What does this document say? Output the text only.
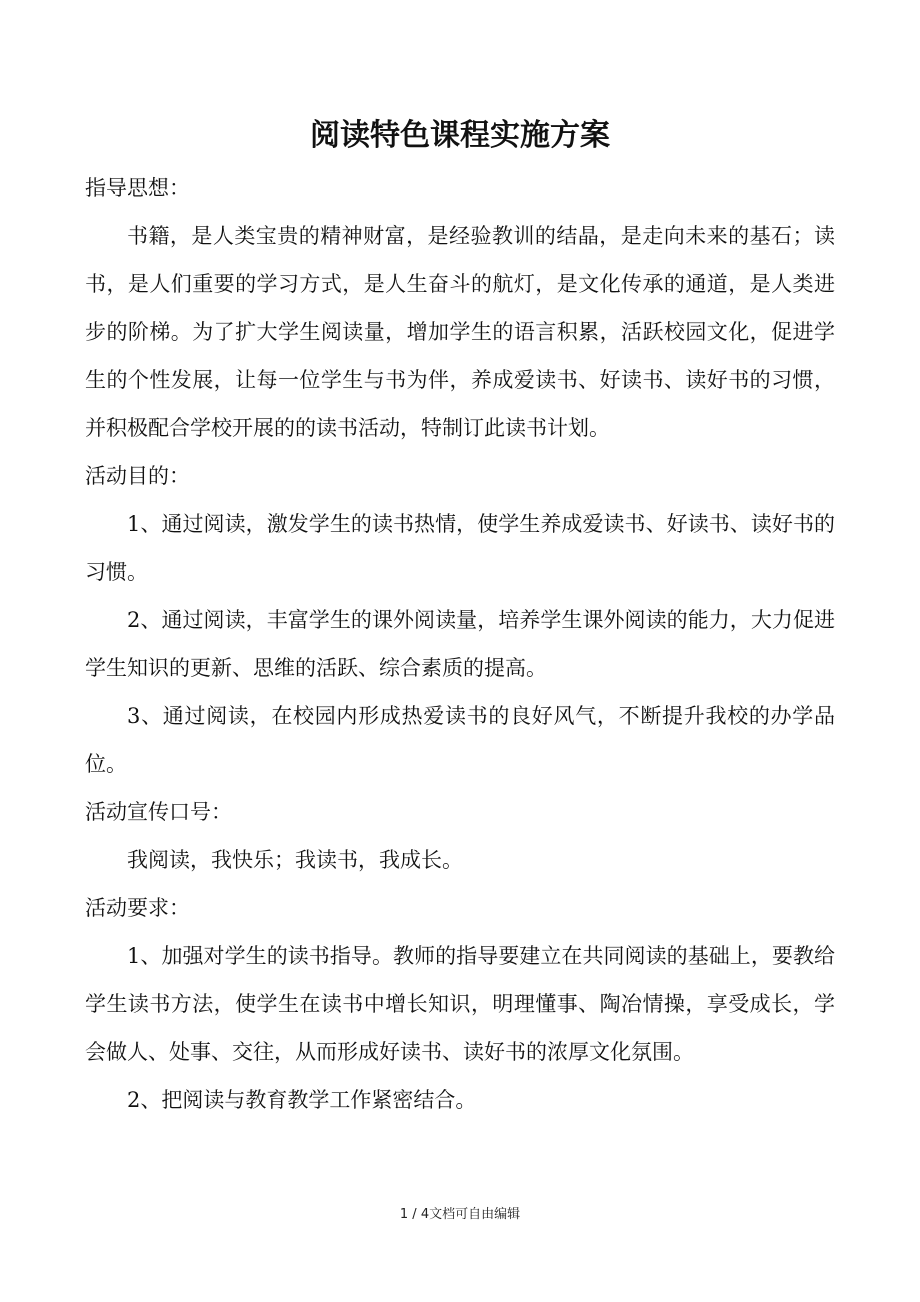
阅读特色课程实施方案

指导思想：

书籍，是人类宝贵的精神财富，是经验教训的结晶，是走向未来的基石；读书，是人们重要的学习方式，是人生奋斗的航灯，是文化传承的通道，是人类进步的阶梯。为了扩大学生阅读量，增加学生的语言积累，活跃校园文化，促进学生的个性发展，让每一位学生与书为伴，养成爱读书、好读书、读好书的习惯，并积极配合学校开展的的读书活动，特制订此读书计划。

活动目的：

1、通过阅读，激发学生的读书热情，使学生养成爱读书、好读书、读好书的习惯。

2、通过阅读，丰富学生的课外阅读量，培养学生课外阅读的能力，大力促进学生知识的更新、思维的活跃、综合素质的提高。

3、通过阅读，在校园内形成热爱读书的良好风气，不断提升我校的办学品位。

活动宣传口号：

我阅读，我快乐；我读书，我成长。

活动要求：

1、加强对学生的读书指导。教师的指导要建立在共同阅读的基础上，要教给学生读书方法，使学生在读书中增长知识，明理懂事、陶冶情操，享受成长，学会做人、处事、交往，从而形成好读书、读好书的浓厚文化氛围。

2、把阅读与教育教学工作紧密结合。

1 / 4文档可自由编辑
